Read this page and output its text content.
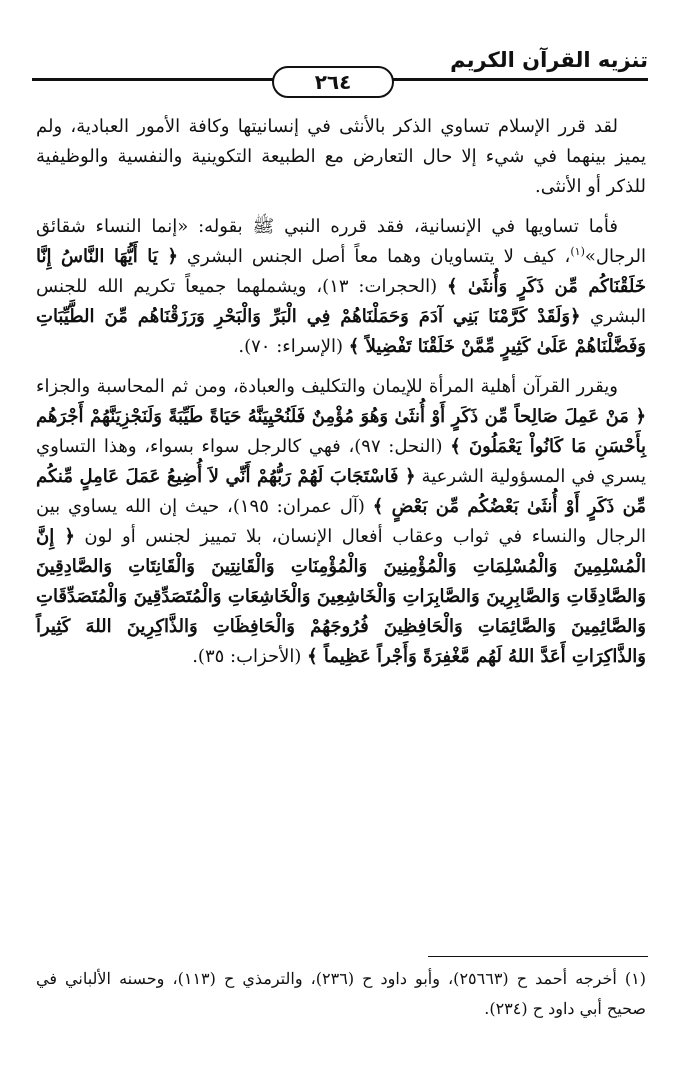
تنزيه القرآن الكريم
٢٦٤

لقد قرر الإسلام تساوي الذكر بالأنثى في إنسانيتها وكافة الأمور العبادية، ولم يميز بينهما في شيء إلا حال التعارض مع الطبيعة التكوينية والنفسية والوظيفية للذكر أو الأنثى.

فأما تساويها في الإنسانية، فقد قرره النبي ﷺ بقوله: «إنما النساء شقائق الرجال»$^{(١)}$، كيف لا يتساويان وهما معاً أصل الجنس البشري ﴿ يَا أَيُّهَا النَّاسُ إِنَّا خَلَقْنَاكُم مِّن ذَكَرٍ وَأُنثَىٰ ﴾ (الحجرات: ١٣)، ويشملهما جميعاً تكريم الله للجنس البشري ﴿وَلَقَدْ كَرَّمْنَا بَنِي آدَمَ وَحَمَلْنَاهُمْ فِي الْبَرِّ وَالْبَحْرِ وَرَزَقْنَاهُم مِّنَ الطَّيِّبَاتِ وَفَضَّلْنَاهُمْ عَلَىٰ كَثِيرٍ مِّمَّنْ خَلَقْنَا تَفْضِيلاً ﴾ (الإسراء: ٧٠).

ويقرر القرآن أهلية المرأة للإيمان والتكليف والعبادة، ومن ثم المحاسبة والجزاء ﴿ مَنْ عَمِلَ صَالِحاً مِّن ذَكَرٍ أَوْ أُنثَىٰ وَهُوَ مُؤْمِنٌ فَلَنُحْيِيَنَّهُ حَيَاةً طَيِّبَةً وَلَنَجْزِيَنَّهُمْ أَجْرَهُم بِأَحْسَنِ مَا كَانُواْ يَعْمَلُونَ ﴾ (النحل: ٩٧)، فهي كالرجل سواء بسواء، وهذا التساوي يسري في المسؤولية الشرعية ﴿ فَاسْتَجَابَ لَهُمْ رَبُّهُمْ أَنِّي لاَ أُضِيعُ عَمَلَ عَامِلٍ مِّنكُم مِّن ذَكَرٍ أَوْ أُنثَىٰ بَعْضُكُم مِّن بَعْضٍ ﴾ (آل عمران: ١٩٥)، حيث إن الله يساوي بين الرجال والنساء في ثواب وعقاب أفعال الإنسان، بلا تمييز لجنس أو لون ﴿ إِنَّ الْمُسْلِمِينَ وَالْمُسْلِمَاتِ وَالْمُؤْمِنِينَ وَالْمُؤْمِنَاتِ وَالْقَانِتِينَ وَالْقَانِتَاتِ وَالصَّادِقِينَ وَالصَّادِقَاتِ وَالصَّابِرِينَ وَالصَّابِرَاتِ وَالْخَاشِعِينَ وَالْخَاشِعَاتِ وَالْمُتَصَدِّقِينَ وَالْمُتَصَدِّقَاتِ وَالصَّائِمِينَ وَالصَّائِمَاتِ وَالْحَافِظِينَ فُرُوجَهُمْ وَالْحَافِظَاتِ وَالذَّاكِرِينَ اللهَ كَثِيراً وَالذَّاكِرَاتِ أَعَدَّ اللهُ لَهُم مَّغْفِرَةً وَأَجْراً عَظِيماً ﴾ (الأحزاب: ٣٥).

(١) أخرجه أحمد ح (٢٥٦٦٣)، وأبو داود ح (٢٣٦)، والترمذي ح (١١٣)، وحسنه الألباني في صحيح أبي داود ح (٢٣٤).
